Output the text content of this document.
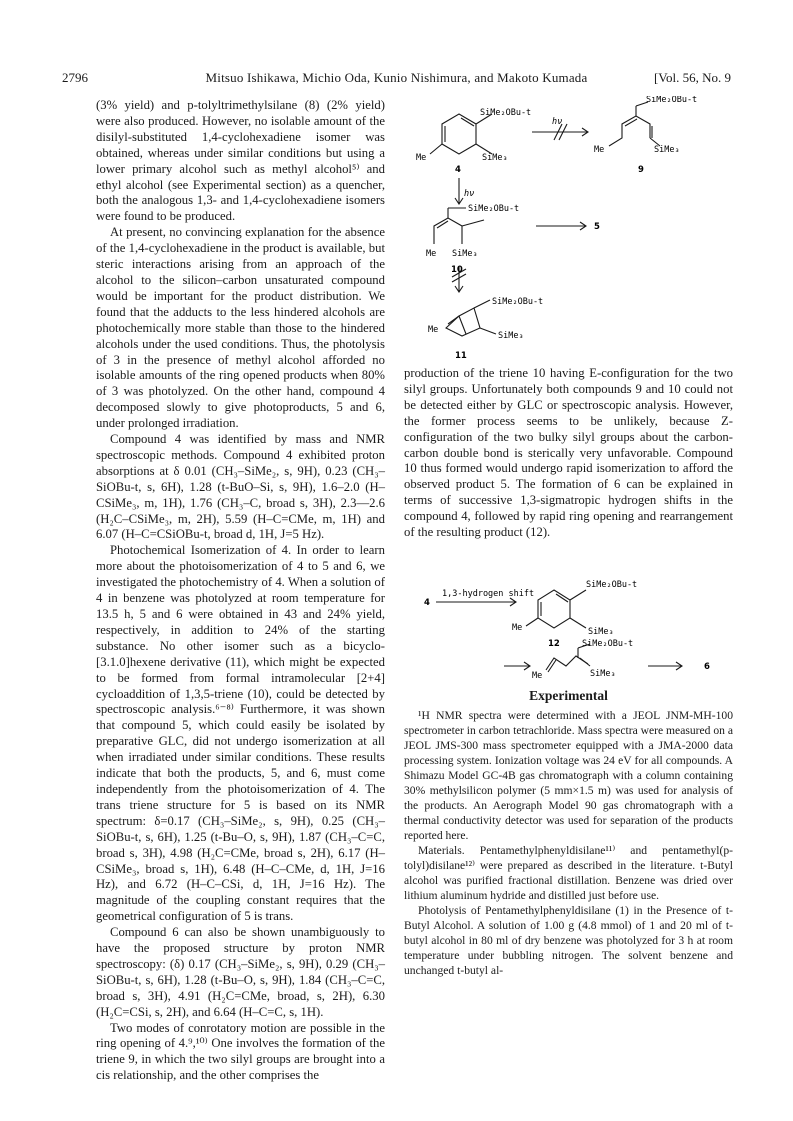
2796	Mitsuo Ishikawa, Michio Oda, Kunio Nishimura, and Makoto Kumada	[Vol. 56, No. 9

(3% yield) and p-tolyltrimethylsilane (8) (2% yield) were also produced. However, no isolable amount of the disilyl-substituted 1,4-cyclohexadiene isomer was obtained, whereas under similar conditions but using a lower primary alcohol such as methyl alcohol⁵⁾ and ethyl alcohol (see Experimental section) as a quencher, both the analogous 1,3- and 1,4-cyclohexadiene isomers were found to be produced.

At present, no convincing explanation for the absence of the 1,4-cyclohexadiene in the product is available, but steric interactions arising from an approach of the alcohol to the silicon–carbon unsaturated compound would be important for the product distribution. We found that the adducts to the less hindered alcohols are photochemically more stable than those to the hindered alcohols under the used conditions. Thus, the photolysis of 3 in the presence of methyl alcohol afforded no isolable amounts of the ring opened products when 80% of 3 was photolyzed. On the other hand, compound 4 decomposed slowly to give photoproducts, 5 and 6, under prolonged irradiation.

Compound 4 was identified by mass and NMR spectroscopic methods. Compound 4 exhibited proton absorptions at δ 0.01 (CH₃–SiMe₂, s, 9H), 0.23 (CH₃–SiOBu-t, s, 6H), 1.28 (t-BuO–Si, s, 9H), 1.6–2.0 (H–CSiMe₃, m, 1H), 1.76 (CH₃–C, broad s, 3H), 2.3—2.6 (H₂C–CSiMe₃, m, 2H), 5.59 (H–C=CMe, m, 1H) and 6.07 (H–C=CSiOBu-t, broad d, 1H, J=5 Hz).

Photochemical Isomerization of 4. In order to learn more about the photoisomerization of 4 to 5 and 6, we investigated the photochemistry of 4. When a solution of 4 in benzene was photolyzed at room temperature for 13.5 h, 5 and 6 were obtained in 43 and 24% yield, respectively, in addition to 24% of the starting substance. No other isomer such as a bicyclo-[3.1.0]hexene derivative (11), which might be expected to be formed from formal intramolecular [2+4] cycloaddition of 1,3,5-triene (10), could be detected by spectroscopic analysis.⁶⁻⁸⁾ Furthermore, it was shown that compound 5, which could easily be isolated by preparative GLC, did not undergo isomerization at all when irradiated under similar conditions. These results indicate that both the products, 5, and 6, must come independently from the photoisomerization of 4. The trans triene structure for 5 is based on its NMR spectrum: δ=0.17 (CH₃–SiMe₂, s, 9H), 0.25 (CH₃–SiOBu-t, s, 6H), 1.25 (t-Bu–O, s, 9H), 1.87 (CH₃–C=C, broad s, 3H), 4.98 (H₂C=CMe, broad s, 2H), 6.17 (H–CSiMe₃, broad s, 1H), 6.48 (H–C–CMe, d, 1H, J=16 Hz), and 6.72 (H–C–CSi, d, 1H, J=16 Hz). The magnitude of the coupling constant requires that the geometrical configuration of 5 is trans.

Compound 6 can also be shown unambiguously to have the proposed structure by proton NMR spectroscopy: (δ) 0.17 (CH₃–SiMe₂, s, 9H), 0.29 (CH₃–SiOBu-t, s, 6H), 1.28 (t-Bu–O, s, 9H), 1.84 (CH₃–C=C, broad s, 3H), 4.91 (H₂C=CMe, broad, s, 2H), 6.30 (H₂C=CSi, s, 2H), and 6.64 (H–C=C, s, 1H).

Two modes of conrotatory motion are possible in the ring opening of 4.⁹,¹⁰⁾ One involves the formation of the triene 9, in which the two silyl groups are brought into a cis relationship, and the other comprises the

SiMe₂OBu-t
SiMe₃
Me
4
hν
SiMe₂OBu-t
SiMe₃
Me
9
hν
SiMe₂OBu-t
Me SiMe₃
10
5
SiMe₂OBu-t
SiMe₃
Me
11

production of the triene 10 having E-configuration for the two silyl groups. Unfortunately both compounds 9 and 10 could not be detected either by GLC or spectroscopic analysis. However, the former process seems to be unlikely, because Z-configuration of the two bulky silyl groups about the carbon-carbon double bond is sterically very unfavorable. Compound 10 thus formed would undergo rapid isomerization to afford the observed product 5. The formation of 6 can be explained in terms of successive 1,3-sigmatropic hydrogen shifts in the compound 4, followed by rapid ring opening and rearrangement of the resulting product (12).

4
1,3-hydrogen shift
SiMe₂OBu-t
SiMe₃
Me
12	SiMe₂OBu-t
SiMe₃
Me
6
Experimental

¹H NMR spectra were determined with a JEOL JNM-MH-100 spectrometer in carbon tetrachloride. Mass spectra were measured on a JEOL JMS-300 mass spectrometer equipped with a JMA-2000 data processing system. Ionization voltage was 24 eV for all compounds. A Shimazu Model GC-4B gas chromatograph with a column containing 30% methylsilicon polymer (5 mm×1.5 m) was used for analysis of the products. An Aerograph Model 90 gas chromatograph with a thermal conductivity detector was used for separation of the products reported here.

Materials. Pentamethylphenyldisilane¹¹⁾ and pentamethyl(p-tolyl)disilane¹²⁾ were prepared as described in the literature. t-Butyl alcohol was purified fractional distillation. Benzene was dried over lithium aluminum hydride and distilled just before use.

Photolysis of Pentamethylphenyldisilane (1) in the Presence of t-Butyl Alcohol. A solution of 1.00 g (4.8 mmol) of 1 and 20 ml of t-butyl alcohol in 80 ml of dry benzene was photolyzed for 3 h at room temperature under bubbling nitrogen. The solvent benzene and unchanged t-butyl al-
